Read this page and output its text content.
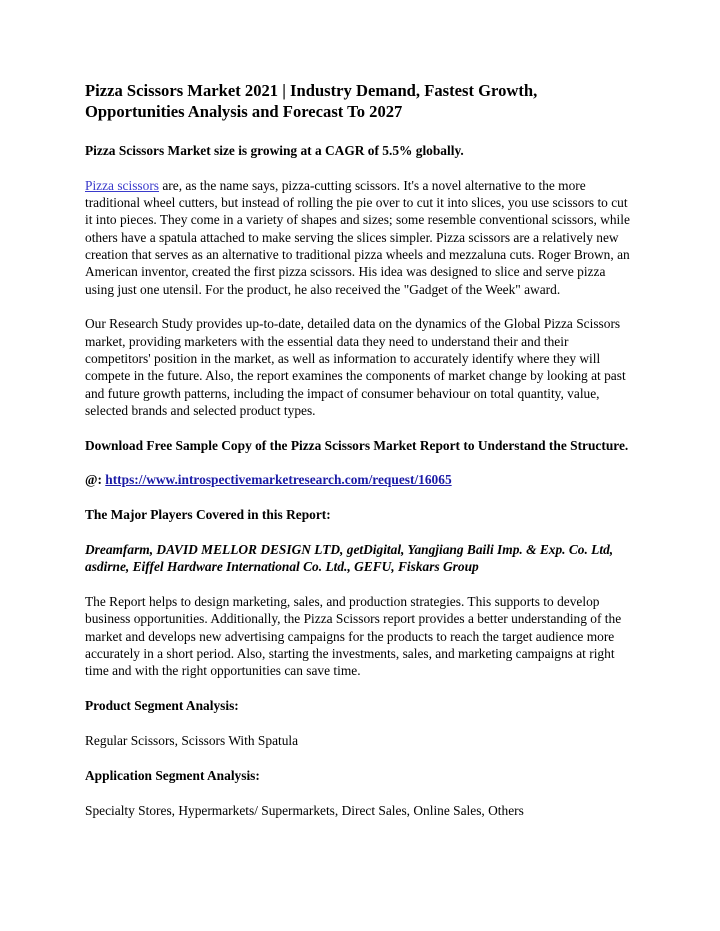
Pizza Scissors Market 2021 | Industry Demand, Fastest Growth, Opportunities Analysis and Forecast To 2027

Pizza Scissors Market size is growing at a CAGR of 5.5% globally.

Pizza scissors are, as the name says, pizza-cutting scissors. It's a novel alternative to the more traditional wheel cutters, but instead of rolling the pie over to cut it into slices, you use scissors to cut it into pieces. They come in a variety of shapes and sizes; some resemble conventional scissors, while others have a spatula attached to make serving the slices simpler. Pizza scissors are a relatively new creation that serves as an alternative to traditional pizza wheels and mezzaluna cuts. Roger Brown, an American inventor, created the first pizza scissors. His idea was designed to slice and serve pizza using just one utensil. For the product, he also received the "Gadget of the Week" award.

Our Research Study provides up-to-date, detailed data on the dynamics of the Global Pizza Scissors market, providing marketers with the essential data they need to understand their and their competitors' position in the market, as well as information to accurately identify where they will compete in the future. Also, the report examines the components of market change by looking at past and future growth patterns, including the impact of consumer behaviour on total quantity, value, selected brands and selected product types.

Download Free Sample Copy of the Pizza Scissors Market Report to Understand the Structure.

@: https://www.introspectivemarketresearch.com/request/16065

The Major Players Covered in this Report:

Dreamfarm, DAVID MELLOR DESIGN LTD, getDigital, Yangjiang Baili Imp. & Exp. Co. Ltd, asdirne, Eiffel Hardware International Co. Ltd., GEFU, Fiskars Group

The Report helps to design marketing, sales, and production strategies. This supports to develop business opportunities. Additionally, the Pizza Scissors report provides a better understanding of the market and develops new advertising campaigns for the products to reach the target audience more accurately in a short period. Also, starting the investments, sales, and marketing campaigns at right time and with the right opportunities can save time.

Product Segment Analysis:

Regular Scissors, Scissors With Spatula

Application Segment Analysis:

Specialty Stores, Hypermarkets/ Supermarkets, Direct Sales, Online Sales, Others
